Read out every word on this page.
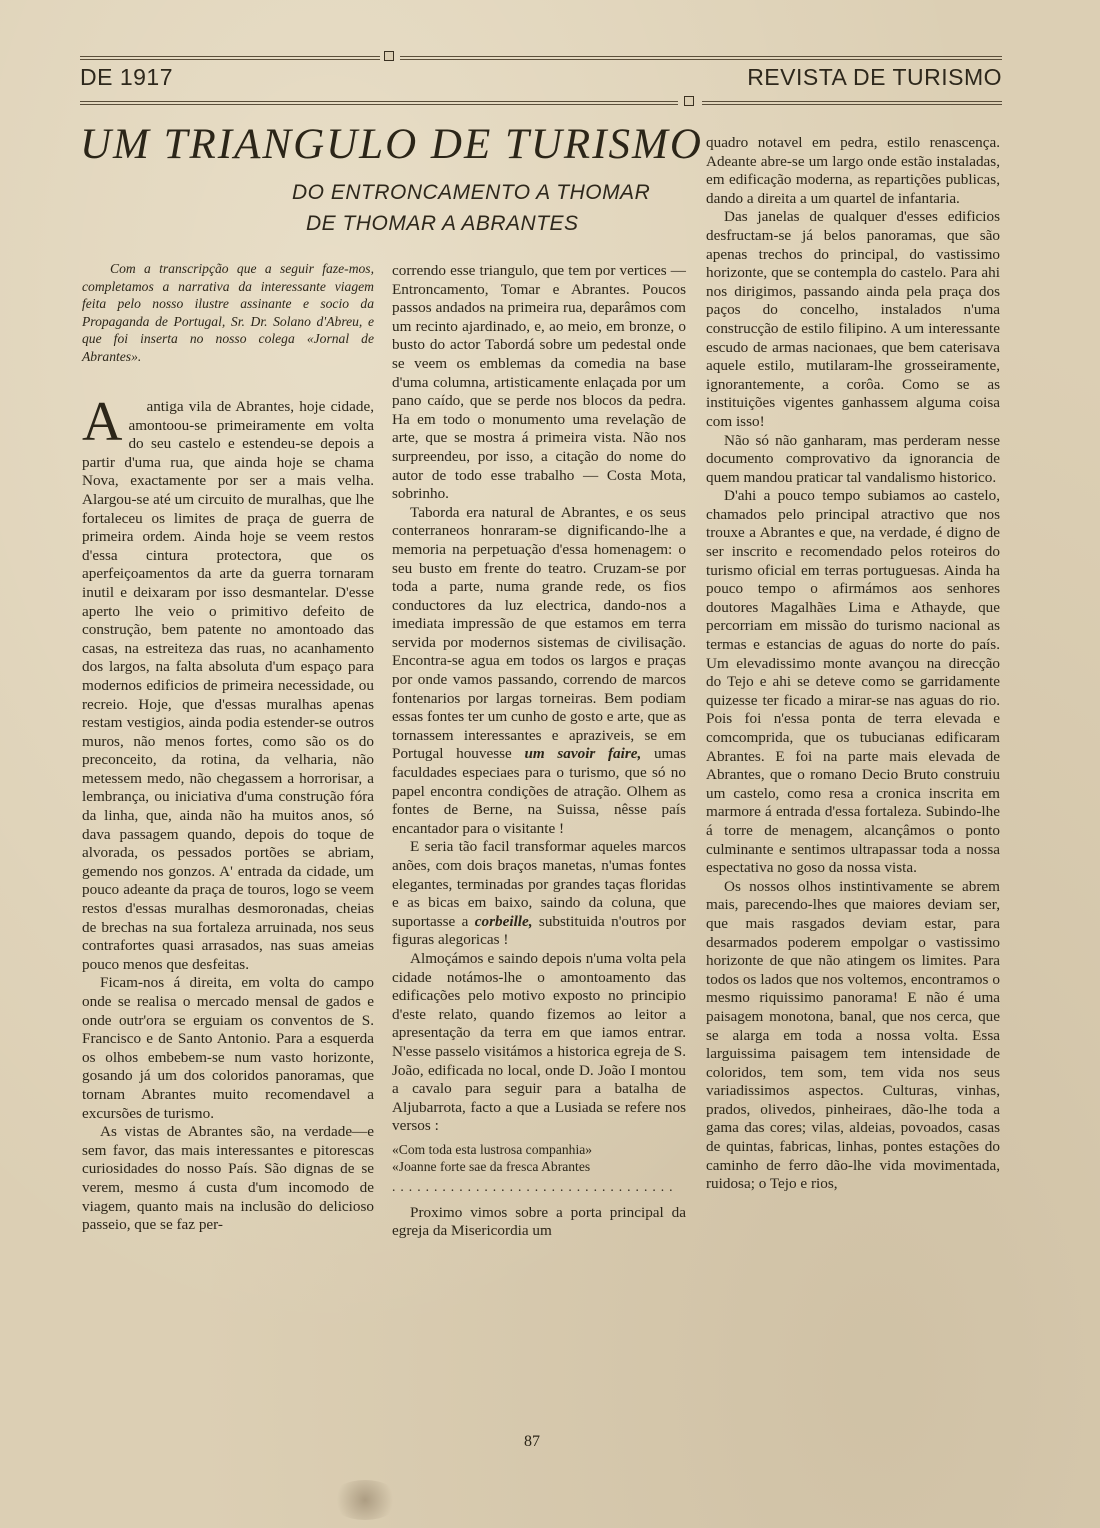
DE 1917	REVISTA DE TURISMO
UM TRIANGULO DE TURISMO
DO ENTRONCAMENTO A THOMAR
DE THOMAR A ABRANTES

Com a transcripção que a seguir faze-mos, completamos a narrativa da interessante viagem feita pelo nosso ilustre assinante e socio da Propaganda de Portugal, Sr. Dr. Solano d'Abreu, e que foi inserta no nosso colega «Jornal de Abrantes».

A antiga vila de Abrantes, hoje cidade, amontoou-se primeiramente em volta do seu castelo e estendeu-se depois a partir d'uma rua, que ainda hoje se chama Nova, exactamente por ser a mais velha. Alargou-se até um circuito de muralhas, que lhe fortaleceu os limites de praça de guerra de primeira ordem. Ainda hoje se veem restos d'essa cintura protectora, que os aperfeiçoamentos da arte da guerra tornaram inutil e deixaram por isso desmantelar. D'esse aperto lhe veio o primitivo defeito de construção, bem patente no amontoado das casas, na estreiteza das ruas, no acanhamento dos largos, na falta absoluta d'um espaço para modernos edificios de primeira necessidade, ou recreio. Hoje, que d'essas muralhas apenas restam vestigios, ainda podia estender-se outros muros, não menos fortes, como são os do preconceito, da rotina, da velharia, não metessem medo, não chegassem a horrorisar, a lembrança, ou iniciativa d'uma construção fóra da linha, que, ainda não ha muitos anos, só dava passagem quando, depois do toque de alvorada, os pessados portões se abriam, gemendo nos gonzos. A' entrada da cidade, um pouco adeante da praça de touros, logo se veem restos d'essas muralhas desmoronadas, cheias de brechas na sua fortaleza arruinada, nos seus contrafortes quasi arrasados, nas suas ameias pouco menos que desfeitas.

Ficam-nos á direita, em volta do campo onde se realisa o mercado mensal de gados e onde outr'ora se erguiam os conventos de S. Francisco e de Santo Antonio. Para a esquerda os olhos embebem-se num vasto horizonte, gosando já um dos coloridos panoramas, que tornam Abrantes muito recomendavel a excursões de turismo.

As vistas de Abrantes são, na verdade—e sem favor, das mais interessantes e pitorescas curiosidades do nosso País. São dignas de se verem, mesmo á custa d'um incomodo de viagem, quanto mais na inclusão do delicioso passeio, que se faz per-

correndo esse triangulo, que tem por vertices — Entroncamento, Tomar e Abrantes. Poucos passos andados na primeira rua, deparâmos com um recinto ajardinado, e, ao meio, em bronze, o busto do actor Tabordá sobre um pedestal onde se veem os emblemas da comedia na base d'uma columna, artisticamente enlaçada por um pano caído, que se perde nos blocos da pedra. Ha em todo o monumento uma revelação de arte, que se mostra á primeira vista. Não nos surpreendeu, por isso, a citação do nome do autor de todo esse trabalho — Costa Mota, sobrinho.

Taborda era natural de Abrantes, e os seus conterraneos honraram-se dignificando-lhe a memoria na perpetuação d'essa homenagem: o seu busto em frente do teatro. Cruzam-se por toda a parte, numa grande rede, os fios conductores da luz electrica, dando-nos a imediata impressão de que estamos em terra servida por modernos sistemas de civilisação. Encontra-se agua em todos os largos e praças por onde vamos passando, correndo de marcos fontenarios por largas torneiras. Bem podiam essas fontes ter um cunho de gosto e arte, que as tornassem interessantes e apraziveis, se em Portugal houvesse um savoir faire, umas faculdades especiaes para o turismo, que só no papel encontra condições de atração. Olhem as fontes de Berne, na Suissa, nêsse país encantador para o visitante !

E seria tão facil transformar aqueles marcos anões, com dois braços manetas, n'umas fontes elegantes, terminadas por grandes taças floridas e as bicas em baixo, saindo da coluna, que suportasse a corbeille, substituida n'outros por figuras alegoricas !

Almoçámos e saindo depois n'uma volta pela cidade notámos-lhe o amontoamento das edificações pelo motivo exposto no principio d'este relato, quando fizemos ao leitor a apresentação da terra em que iamos entrar. N'esse passelo visitámos a historica egreja de S. João, edificada no local, onde D. João I montou a cavalo para seguir para a batalha de Aljubarrota, facto a que a Lusiada se refere nos versos :

«Com toda esta lustrosa companhia»
«Joanne forte sae da fresca Abrantes
..................................

Proximo vimos sobre a porta principal da egreja da Misericordia um

quadro notavel em pedra, estilo renascença. Adeante abre-se um largo onde estão instaladas, em edificação moderna, as repartições publicas, dando a direita a um quartel de infantaria.

Das janelas de qualquer d'esses edificios desfructam-se já belos panoramas, que são apenas trechos do principal, do vastissimo horizonte, que se contempla do castelo. Para ahi nos dirigimos, passando ainda pela praça dos paços do concelho, instalados n'uma construcção de estilo filipino. A um interessante escudo de armas nacionaes, que bem caterisava aquele estilo, mutilaram-lhe grosseiramente, ignorantemente, a corôa. Como se as instituições vigentes ganhassem alguma coisa com isso!

Não só não ganharam, mas perderam nesse documento comprovativo da ignorancia de quem mandou praticar tal vandalismo historico.

D'ahi a pouco tempo subiamos ao castelo, chamados pelo principal atractivo que nos trouxe a Abrantes e que, na verdade, é digno de ser inscrito e recomendado pelos roteiros do turismo oficial em terras portuguesas. Ainda ha pouco tempo o afirmámos aos senhores doutores Magalhães Lima e Athayde, que percorriam em missão do turismo nacional as termas e estancias de aguas do norte do país. Um elevadissimo monte avançou na direcção do Tejo e ahi se deteve como se garridamente quizesse ter ficado a mirar-se nas aguas do rio. Pois foi n'essa ponta de terra elevada e comcomprida, que os tubucianas edificaram Abrantes. E foi na parte mais elevada de Abrantes, que o romano Decio Bruto construiu um castelo, como resa a cronica inscrita em marmore á entrada d'essa fortaleza. Subindo-lhe á torre de menagem, alcançâmos o ponto culminante e sentimos ultrapassar toda a nossa espectativa no goso da nossa vista.

Os nossos olhos instintivamente se abrem mais, parecendo-lhes que maiores deviam ser, que mais rasgados deviam estar, para desarmados poderem empolgar o vastissimo horizonte de que não atingem os limites. Para todos os lados que nos voltemos, encontramos o mesmo riquissimo panorama! E não é uma paisagem monotona, banal, que nos cerca, que se alarga em toda a nossa volta. Essa larguissima paisagem tem intensidade de coloridos, tem som, tem vida nos seus variadissimos aspectos. Culturas, vinhas, prados, olivedos, pinheiraes, dão-lhe toda a gama das cores; vilas, aldeias, povoados, casas de quintas, fabricas, linhas, pontes estações do caminho de ferro dão-lhe vida movimentada, ruidosa; o Tejo e rios,

87
